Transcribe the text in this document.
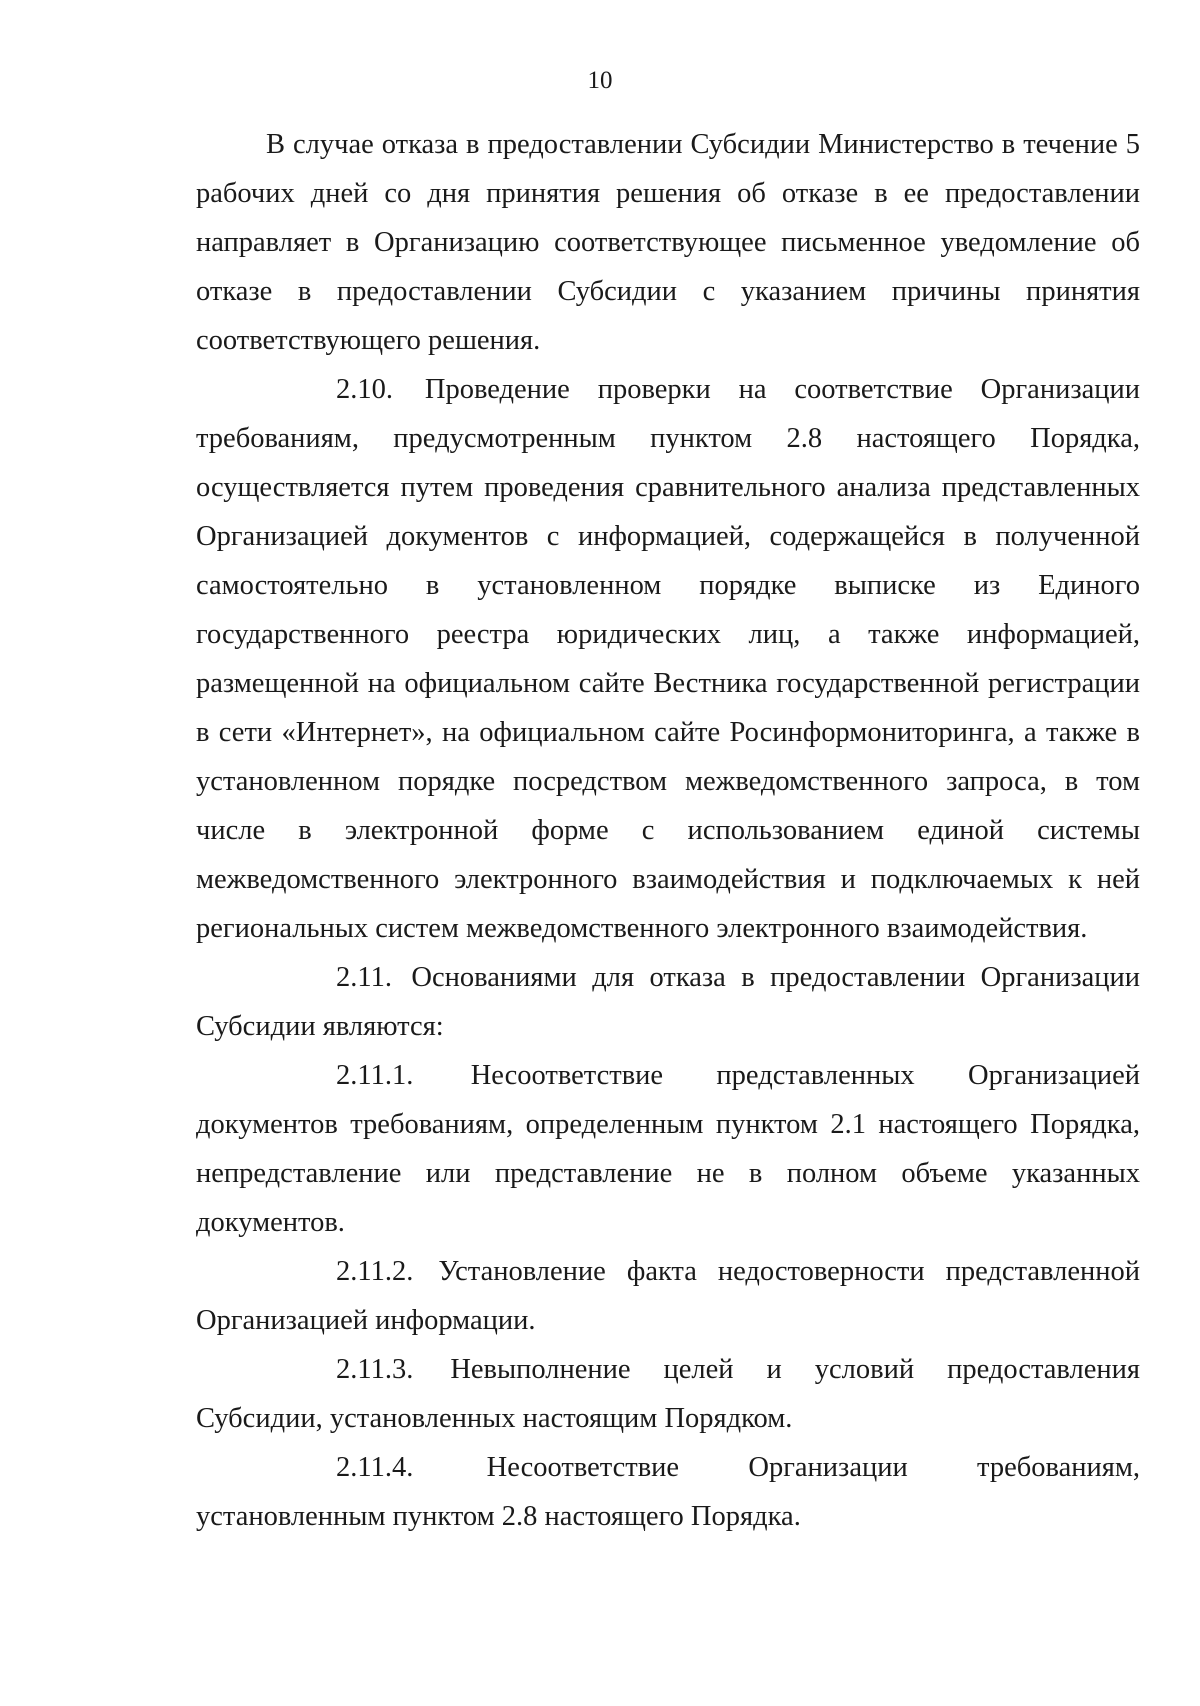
10

В случае отказа в предоставлении Субсидии Министерство в течение 5 рабочих дней со дня принятия решения об отказе в ее предоставлении направляет в Организацию соответствующее письменное уведомление об отказе в предоставлении Субсидии с указанием причины принятия соответствующего решения.

2.10. Проведение проверки на соответствие Организации требованиям, предусмотренным пунктом 2.8 настоящего Порядка, осуществляется путем проведения сравнительного анализа представленных Организацией документов с информацией, содержащейся в полученной самостоятельно в установленном порядке выписке из Единого государственного реестра юридических лиц, а также информацией, размещенной на официальном сайте Вестника государственной регистрации в сети «Интернет», на официальном сайте Росинформониторинга, а также в установленном порядке посредством межведомственного запроса, в том числе в электронной форме с использованием единой системы межведомственного электронного взаимодействия и подключаемых к ней региональных систем межведомственного электронного взаимодействия.

2.11. Основаниями для отказа в предоставлении Организации Субсидии являются:

2.11.1. Несоответствие представленных Организацией документов требованиям, определенным пунктом 2.1 настоящего Порядка, непредставление или представление не в полном объеме указанных документов.

2.11.2. Установление факта недостоверности представленной Организацией информации.

2.11.3. Невыполнение целей и условий предоставления Субсидии, установленных настоящим Порядком.

2.11.4.	Несоответствие Организации требованиям, установленным пунктом 2.8 настоящего Порядка.
